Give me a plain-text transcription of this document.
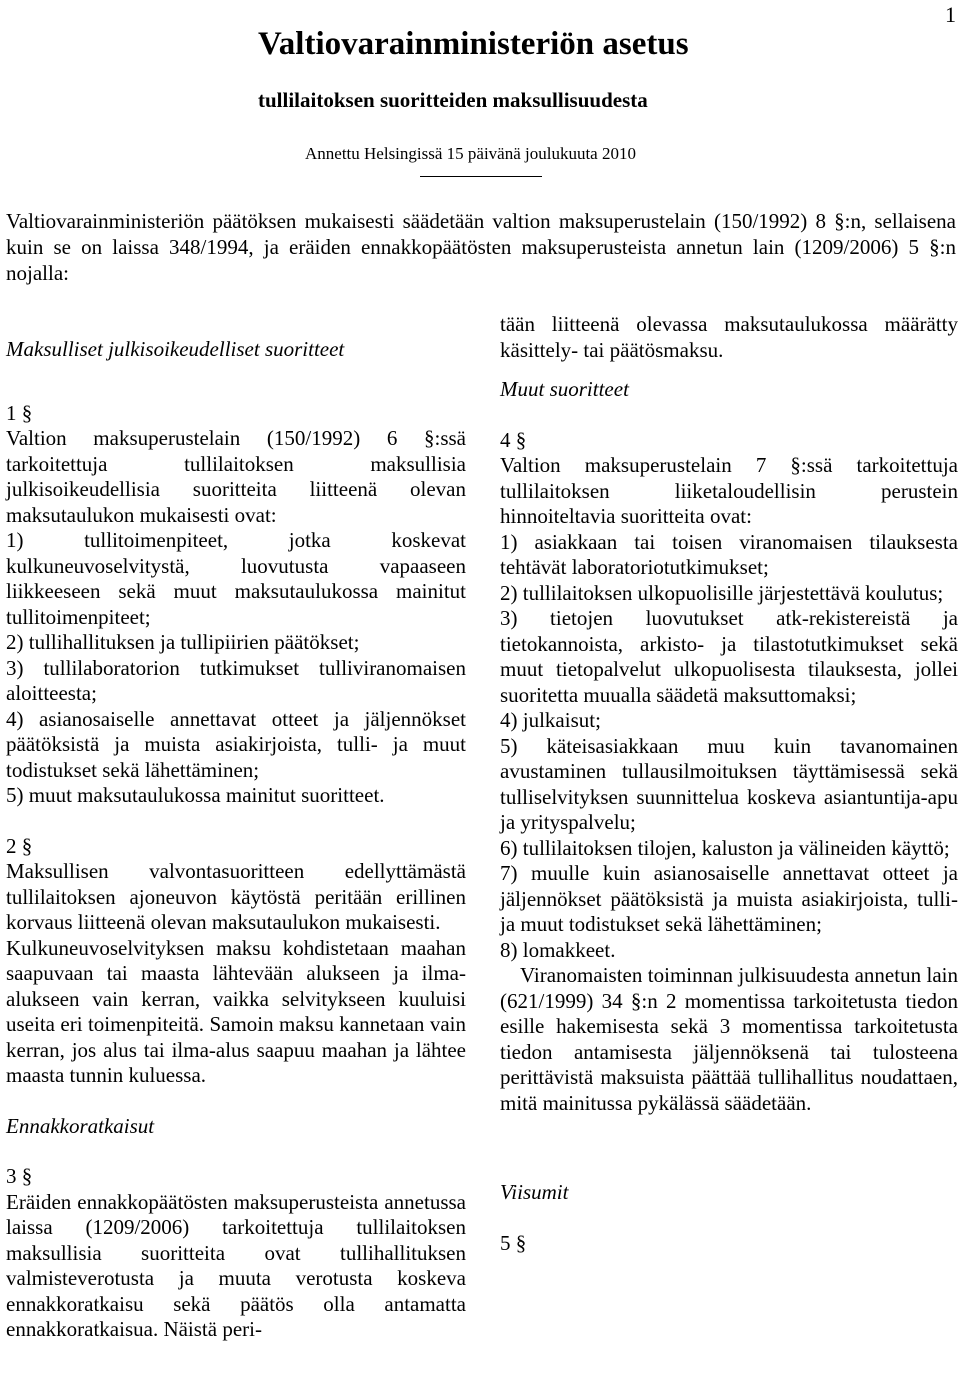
1
Valtiovarainministeriön asetus
tullilaitoksen suoritteiden maksullisuudesta
Annettu Helsingissä 15 päivänä joulukuuta 2010
Valtiovarainministeriön päätöksen mukaisesti säädetään valtion maksuperustelain (150/1992) 8 §:n, sellaisena kuin se on laissa 348/1994, ja eräiden ennakkopäätösten maksuperusteista annetun lain (1209/2006) 5 §:n nojalla:

Maksulliset julkisoikeudelliset suoritteet

1 §

Valtion maksuperustelain (150/1992) 6 §:ssä tarkoitettuja tullilaitoksen maksullisia julkisoikeudellisia suoritteita liitteenä olevan maksutaulukon mukaisesti ovat:

1) tullitoimenpiteet, jotka koskevat kulkuneuvoselvitystä, luovutusta vapaaseen liikkeeseen sekä muut maksutaulukossa mainitut tullitoimenpiteet;

2) tullihallituksen ja tullipiirien päätökset;

3) tullilaboratorion tutkimukset tulliviranomaisen aloitteesta;

4) asianosaiselle annettavat otteet ja jäljennökset päätöksistä ja muista asiakirjoista, tulli- ja muut todistukset sekä lähettäminen;

5) muut maksutaulukossa mainitut suoritteet.

2 §

Maksullisen valvontasuoritteen edellyttämästä tullilaitoksen ajoneuvon käytöstä peritään erillinen korvaus liitteenä olevan maksutaulukon mukaisesti.

Kulkuneuvoselvityksen maksu kohdistetaan maahan saapuvaan tai maasta lähtevään alukseen ja ilma-alukseen vain kerran, vaikka selvitykseen kuuluisi useita eri toimenpiteitä. Samoin maksu kannetaan vain kerran, jos alus tai ilma-alus saapuu maahan ja lähtee maasta tunnin kuluessa.

Ennakkoratkaisut

3 §

Eräiden ennakkopäätösten maksuperusteista annetussa laissa (1209/2006) tarkoitettuja tullilaitoksen maksullisia suoritteita ovat tullihallituksen valmisteverotusta ja muuta verotusta koskeva ennakkoratkaisu sekä päätös olla antamatta ennakkoratkaisua. Näistä peri-

tään liitteenä olevassa maksutaulukossa määrätty käsittely- tai päätösmaksu.

Muut suoritteet

4 §

Valtion maksuperustelain 7 §:ssä tarkoitettuja tullilaitoksen liiketaloudellisin perustein hinnoiteltavia suoritteita ovat:

1) asiakkaan tai toisen viranomaisen tilauksesta tehtävät laboratoriotutkimukset;

2) tullilaitoksen ulkopuolisille järjestettävä koulutus;

3) tietojen luovutukset atk-rekistereistä ja tietokannoista, arkisto- ja tilastotutkimukset sekä muut tietopalvelut ulkopuolisesta tilauksesta, jollei suoritetta muualla säädetä maksuttomaksi;

4) julkaisut;

5) käteisasiakkaan muu kuin tavanomainen avustaminen tullausilmoituksen täyttämisessä sekä tulliselvityksen suunnittelua koskeva asiantuntija-apu ja yrityspalvelu;

6) tullilaitoksen tilojen, kaluston ja välineiden käyttö;

7) muulle kuin asianosaiselle annettavat otteet ja jäljennökset päätöksistä ja muista asiakirjoista, tulli- ja muut todistukset sekä lähettäminen;

8) lomakkeet.

Viranomaisten toiminnan julkisuudesta annetun lain (621/1999) 34 §:n 2 momentissa tarkoitetusta tiedon esille hakemisesta sekä 3 momentissa tarkoitetusta tiedon antamisesta jäljennöksenä tai tulosteena perittävistä maksuista päättää tullihallitus noudattaen, mitä mainitussa pykälässä säädetään.

Viisumit

5 §
